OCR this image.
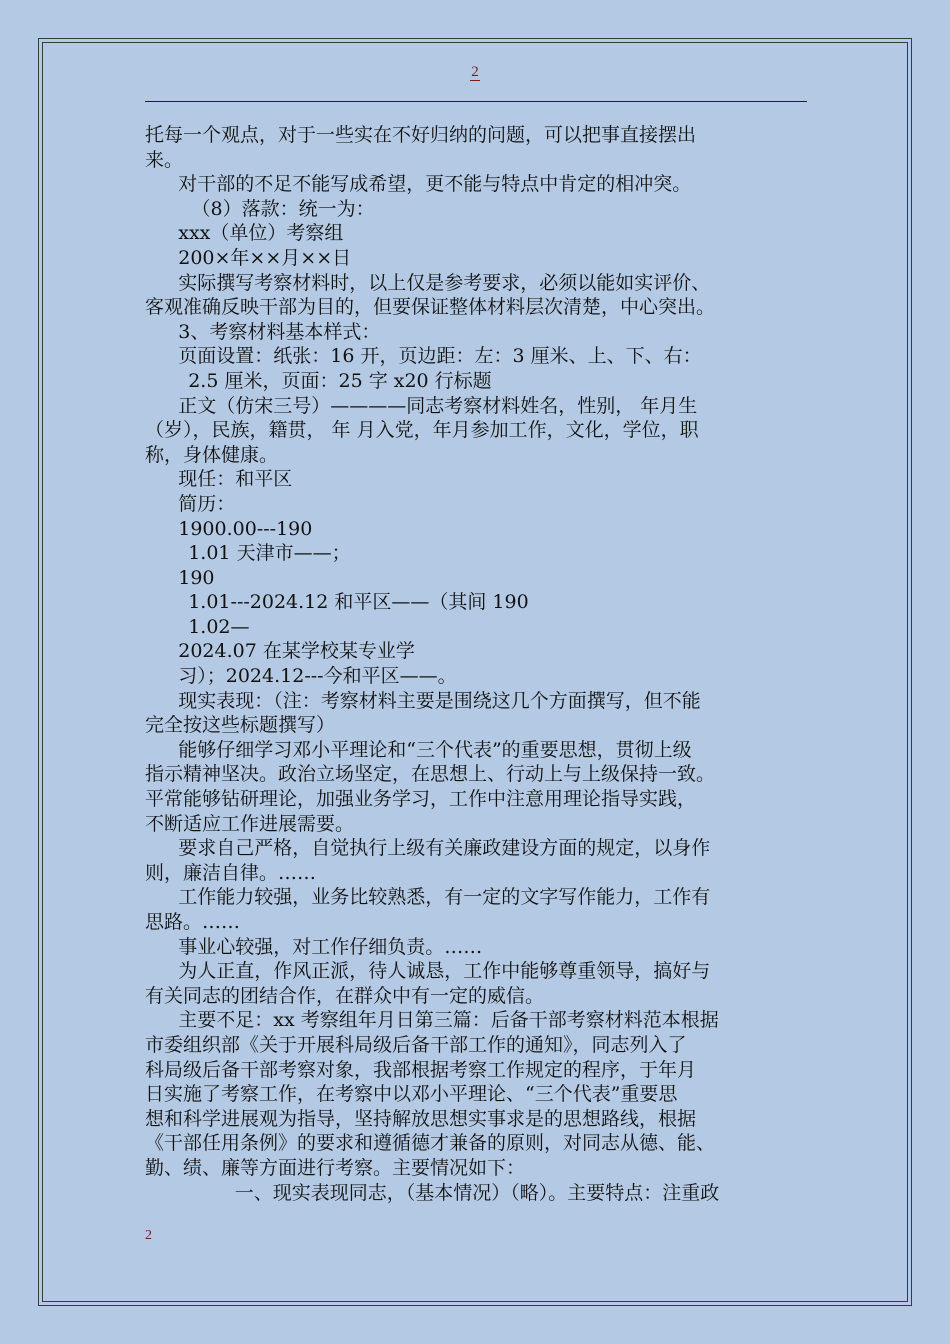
2

托每一个观点，对于一些实在不好归纳的问题，可以把事直接摆出

来。

对干部的不足不能写成希望，更不能与特点中肯定的相冲突。

（8）落款：统一为：

xxx（单位）考察组

200×年××月××日

实际撰写考察材料时，以上仅是参考要求，必须以能如实评价、

客观准确反映干部为目的，但要保证整体材料层次清楚，中心突出。

3、考察材料基本样式：

页面设置：纸张：16 开，页边距：左：3 厘米、上、下、右：

2.5 厘米，页面：25 字 x20 行标题

正文（仿宋三号）————同志考察材料姓名，性别， 年月生

（岁），民族，籍贯， 年 月入党，年月参加工作，文化，学位，职

称，身体健康。

现任：和平区

简历：

1900.00---190

1.01 天津市——；

190

1.01---2024.12 和平区——（其间 190

1.02—

2024.07 在某学校某专业学

习）；2024.12---今和平区——。

现实表现：（注：考察材料主要是围绕这几个方面撰写，但不能

完全按这些标题撰写）

能够仔细学习邓小平理论和“三个代表”的重要思想，贯彻上级

指示精神坚决。政治立场坚定，在思想上、行动上与上级保持一致。

平常能够钻研理论，加强业务学习，工作中注意用理论指导实践，

不断适应工作进展需要。

要求自己严格，自觉执行上级有关廉政建设方面的规定，以身作

则，廉洁自律。……

工作能力较强，业务比较熟悉，有一定的文字写作能力，工作有

思路。……

事业心较强，对工作仔细负责。……

为人正直，作风正派，待人诚恳，工作中能够尊重领导，搞好与

有关同志的团结合作，在群众中有一定的威信。

主要不足：xx 考察组年月日第三篇：后备干部考察材料范本根据

市委组织部《关于开展科局级后备干部工作的通知》，同志列入了

科局级后备干部考察对象，我部根据考察工作规定的程序，于年月

日实施了考察工作，在考察中以邓小平理论、“三个代表”重要思

想和科学进展观为指导，坚持解放思想实事求是的思想路线，根据

《干部任用条例》的要求和遵循德才兼备的原则，对同志从德、能、

勤、绩、廉等方面进行考察。主要情况如下：

一、现实表现同志，（基本情况）（略）。主要特点：注重政

2
